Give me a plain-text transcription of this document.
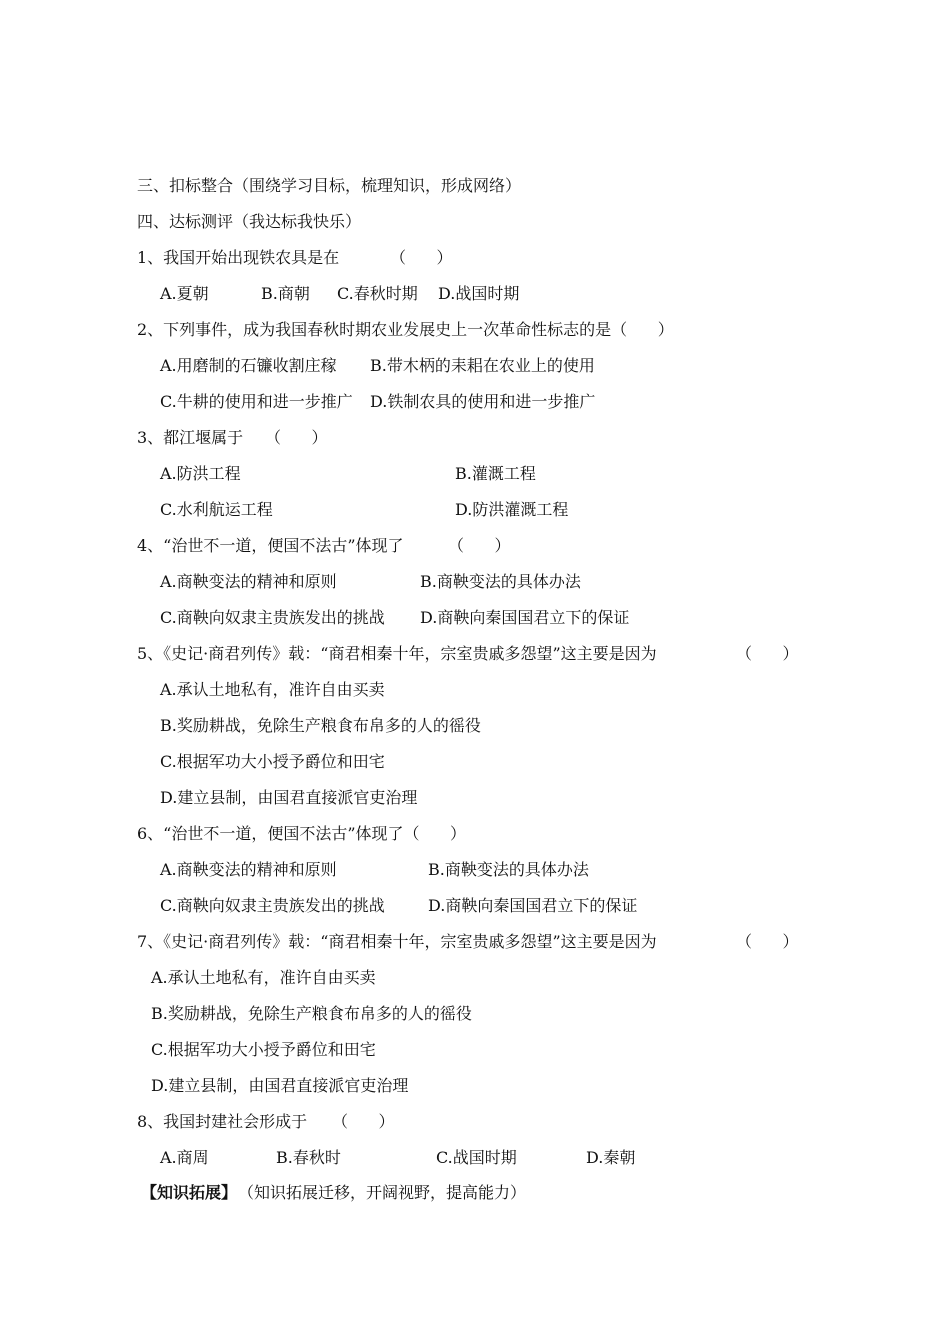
三、扣标整合（围绕学习目标，梳理知识，形成网络）
四、达标测评（我达标我快乐）
1、我国开始出现铁农具是在	（      ）
A.夏朝	B.商朝 C.春秋时期 D.战国时期
2、下列事件，成为我国春秋时期农业发展史上一次革命性标志的是（      ）
A.用磨制的石镰收割庄稼 B.带木柄的耒耜在农业上的使用
C.牛耕的使用和进一步推广 D.铁制农具的使用和进一步推广
3、都江堰属于 （      ）
A.防洪工程	B.灌溉工程
C.水利航运工程	D.防洪灌溉工程
4、“治世不一道，便国不法古”体现了	（      ）
A.商鞅变法的精神和原则	B.商鞅变法的具体办法
C.商鞅向奴隶主贵族发出的挑战 D.商鞅向秦国国君立下的保证
5、《史记·商君列传》载：“商君相秦十年，宗室贵戚多怨望”这主要是因为	（      ）
A.承认土地私有，准许自由买卖
B.奖励耕战，免除生产粮食布帛多的人的徭役
C.根据军功大小授予爵位和田宅
D.建立县制，由国君直接派官吏治理
6、“治世不一道，便国不法古”体现了（      ）
A.商鞅变法的精神和原则	B.商鞅变法的具体办法
C.商鞅向奴隶主贵族发出的挑战	D.商鞅向秦国国君立下的保证
7、《史记·商君列传》载：“商君相秦十年，宗室贵戚多怨望”这主要是因为	（      ）
A.承认土地私有，准许自由买卖
B.奖励耕战，免除生产粮食布帛多的人的徭役
C.根据军功大小授予爵位和田宅
D.建立县制，由国君直接派官吏治理
8、我国封建社会形成于 （      ）
A.商周	B.春秋时	C.战国时期	D.秦朝
【知识拓展】 （知识拓展迁移，开阔视野，提高能力）
